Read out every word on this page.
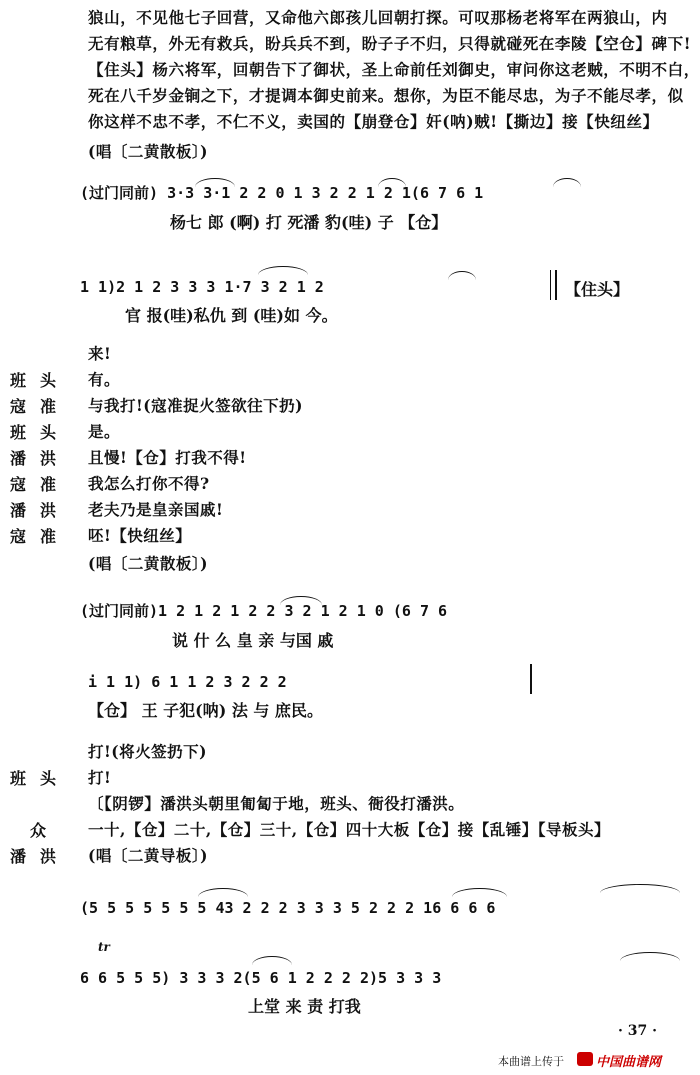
狼山，不见他七子回营，又命他六郎孩儿回朝打探。可叹那杨老将军在两狼山，内
无有粮草，外无有救兵，盼兵兵不到，盼子子不归，只得就碰死在李陵【空仓】碑下!
【住头】杨六将军，回朝告下了御状，圣上命前任刘御史，审问你这老贼，不明不白，
死在八千岁金锏之下，才提调本御史前来。想你，为臣不能尽忠，为子不能尽孝，似
你这样不忠不孝，不仁不义，卖国的【崩登仓】奸(呐)贼!【撕边】接【快纽丝】
(唱〔二黄散板〕)
(过门同前) 3·3 3·1 2 2 0 1 3 2 2 1 2 1(6 7 6 1
杨七 郎 (啊) 打 死潘 豹(哇) 子 【仓】
1 1)2 1 2 3 3 3 1·7 3 2 1 2
官 报(哇)私仇 到 (哇)如 今。
【住头】
来!
班头 有。
寇准 与我打!(寇准捉火签欲往下扔)
班头 是。
潘洪 且慢!【仓】打我不得!
寇准 我怎么打你不得?
潘洪 老夫乃是皇亲国戚!
寇准 呸!【快纽丝】
(唱〔二黄散板〕)
(过门同前)1 2 1 2 1 2 2 3 2 1 2 1 0 (6 7 6
说 什 么 皇 亲 与国 戚
i 1 1) 6 1 1 2 3 2 2 2
【仓】 王 子犯(呐) 法 与 庶民。
打!(将火签扔下)
班头 打!
〔【阴锣】潘洪头朝里匍匐于地，班头、衙役打潘洪。
众 一十,【仓】二十,【仓】三十,【仓】四十大板【仓】接【乱锤】【导板头】
潘洪 (唱〔二黄导板〕)
(5 5 5 5 5 5 5 43 2 2 2 3 3 3 5 2 2 2 16 6 6 6
tr
6 6 5 5 5) 3 3 3 2(5 6 1 2 2 2 2)5 3 3 3
上堂 来 责 打我
· 37 ·
本曲谱上传于 中国曲谱网
